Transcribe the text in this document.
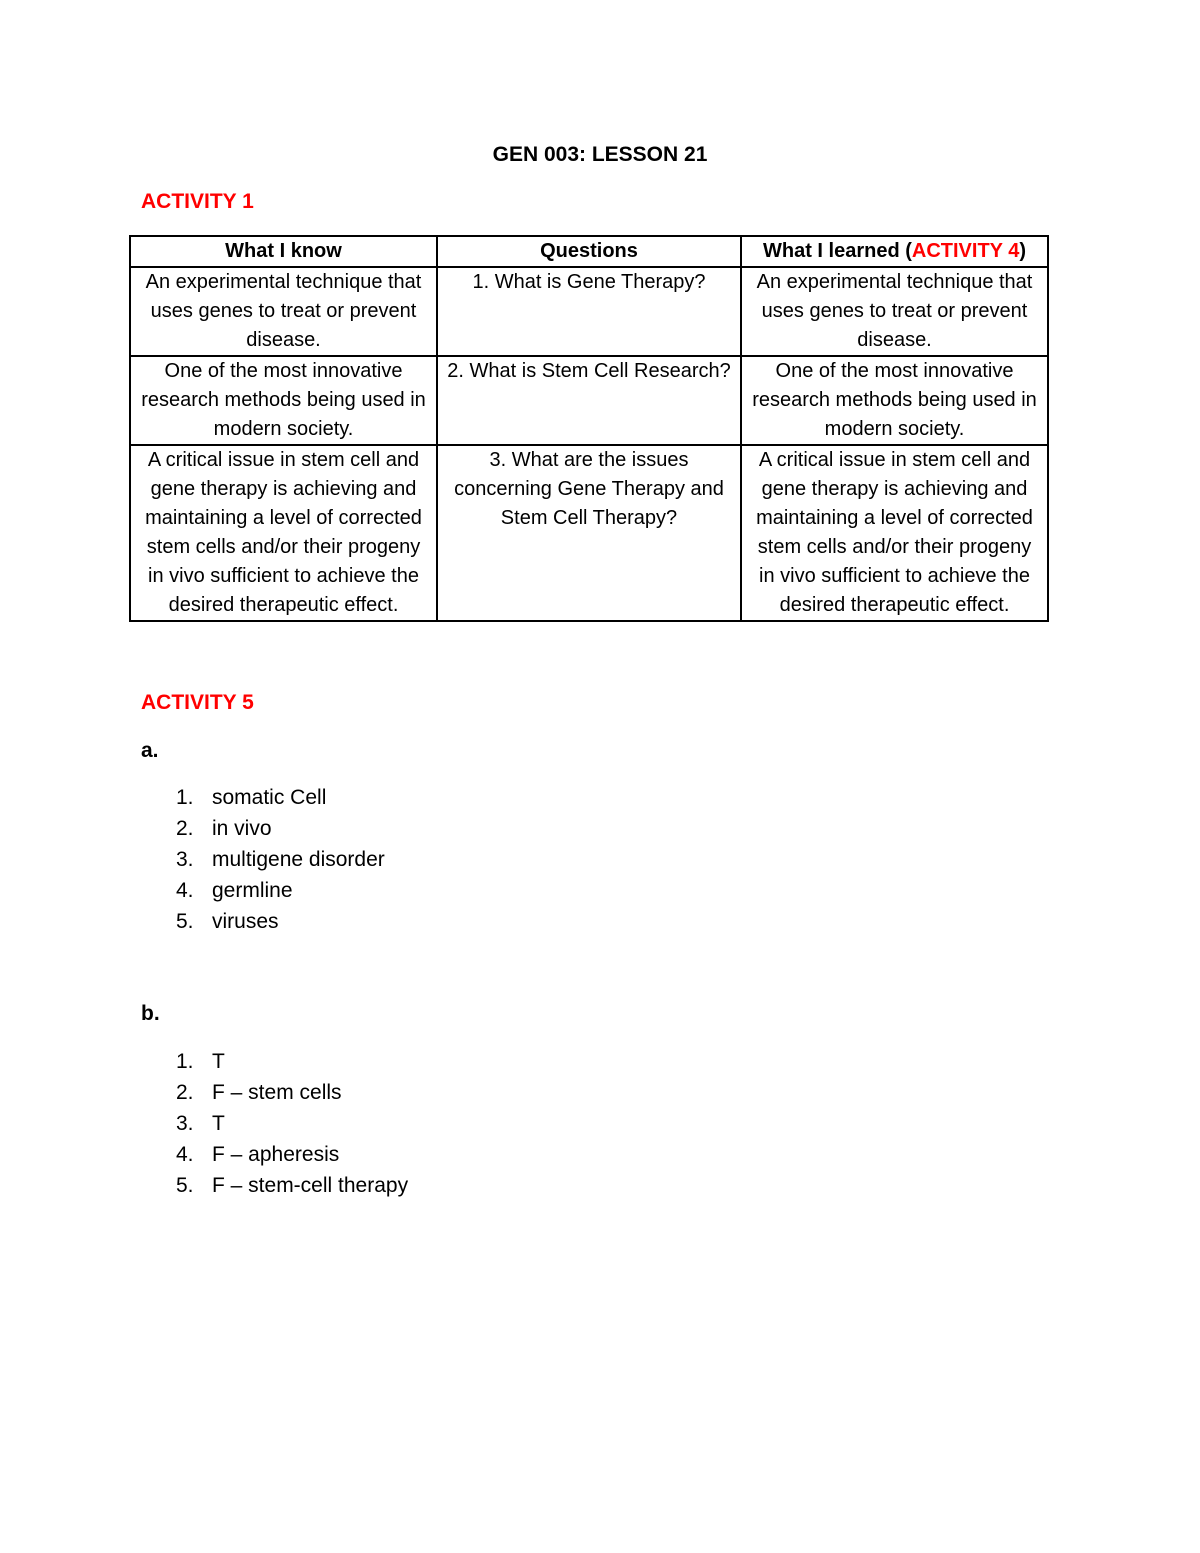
GEN 003: LESSON 21
ACTIVITY 1
What I know	Questions	What I learned (ACTIVITY 4)
An experimental technique that uses genes to treat or prevent disease.	1. What is Gene Therapy?	An experimental technique that uses genes to treat or prevent disease.
One of the most innovative research methods being used in modern society.	2. What is Stem Cell Research?	One of the most innovative research methods being used in modern society.
A critical issue in stem cell and gene therapy is achieving and maintaining a level of corrected stem cells and/or their progeny in vivo sufficient to achieve the desired therapeutic effect.	3. What are the issues concerning Gene Therapy and Stem Cell Therapy?	A critical issue in stem cell and gene therapy is achieving and maintaining a level of corrected stem cells and/or their progeny in vivo sufficient to achieve the desired therapeutic effect.
ACTIVITY 5
a.
1. somatic Cell
2. in vivo
3. multigene disorder
4. germline
5. viruses
b.
1. T
2. F – stem cells
3. T
4. F – apheresis
5. F – stem-cell therapy
